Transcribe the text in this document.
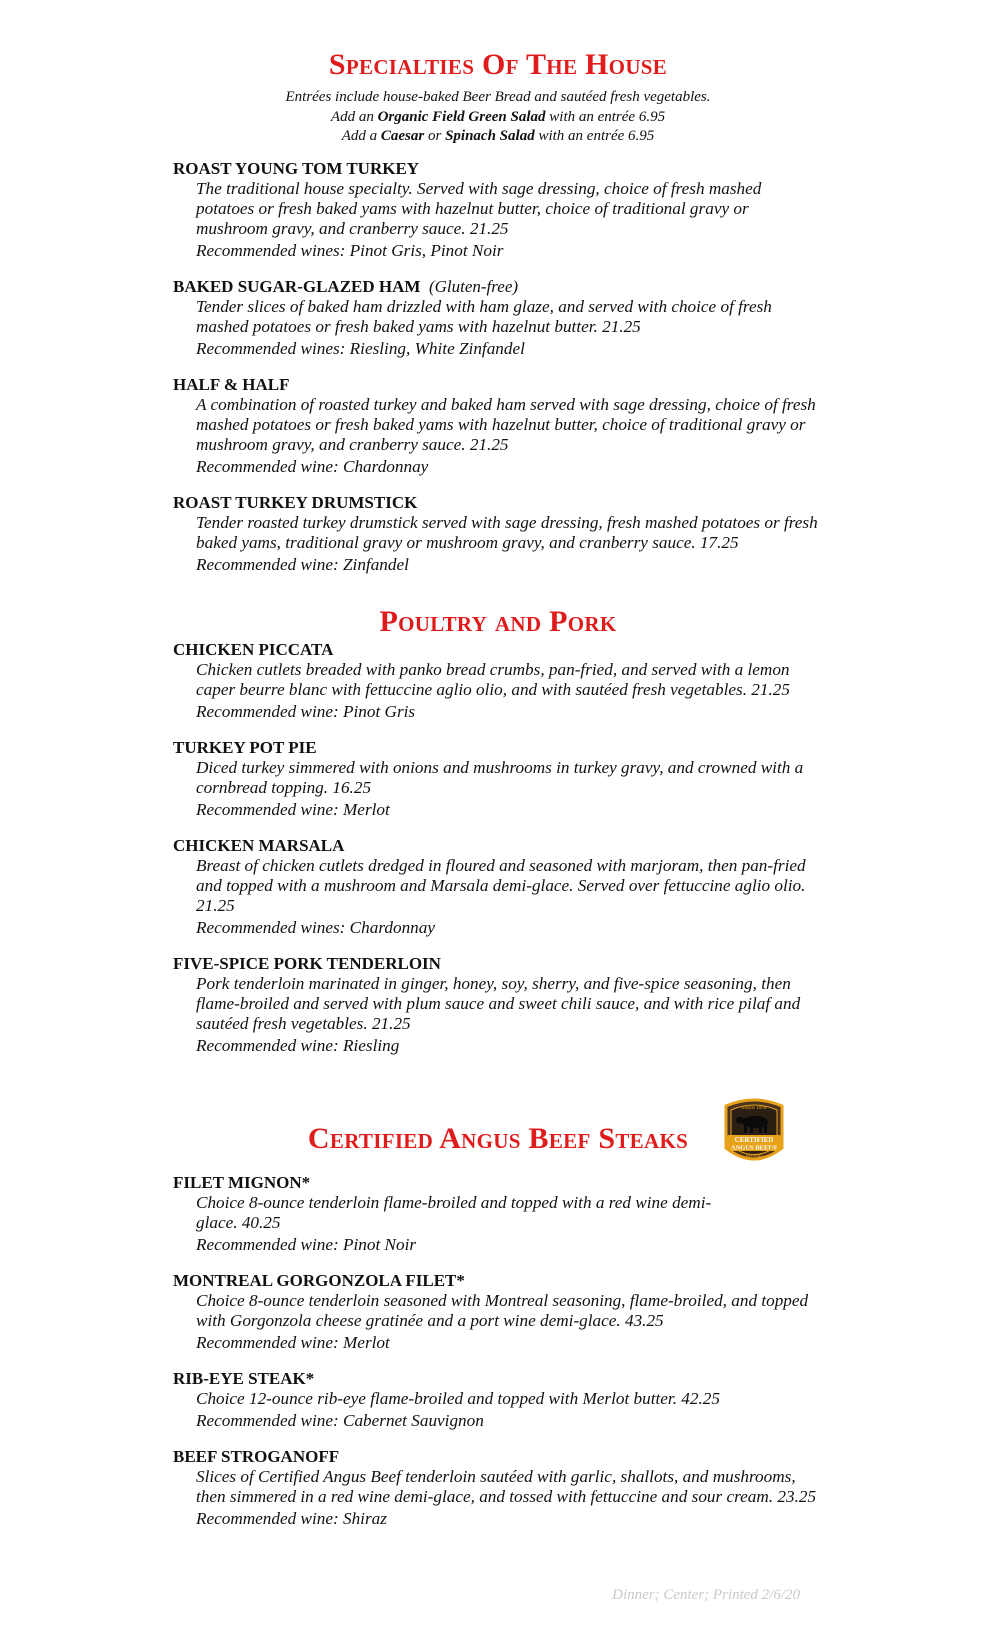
Specialties Of The House
Entrées include house-baked Beer Bread and sautéed fresh vegetables.
Add an Organic Field Green Salad with an entrée 6.95
Add a Caesar or Spinach Salad with an entrée 6.95
ROAST YOUNG TOM TURKEY
The traditional house specialty. Served with sage dressing, choice of fresh mashed potatoes or fresh baked yams with hazelnut butter, choice of traditional gravy or mushroom gravy, and cranberry sauce. 21.25
Recommended wines: Pinot Gris, Pinot Noir
BAKED SUGAR-GLAZED HAM (Gluten-free)
Tender slices of baked ham drizzled with ham glaze, and served with choice of fresh mashed potatoes or fresh baked yams with hazelnut butter. 21.25
Recommended wines: Riesling, White Zinfandel
HALF & HALF
A combination of roasted turkey and baked ham served with sage dressing, choice of fresh mashed potatoes or fresh baked yams with hazelnut butter, choice of traditional gravy or mushroom gravy, and cranberry sauce. 21.25
Recommended wine: Chardonnay
ROAST TURKEY DRUMSTICK
Tender roasted turkey drumstick served with sage dressing, fresh mashed potatoes or fresh baked yams, traditional gravy or mushroom gravy, and cranberry sauce. 17.25
Recommended wine: Zinfandel
Poultry and Pork
CHICKEN PICCATA
Chicken cutlets breaded with panko bread crumbs, pan-fried, and served with a lemon caper beurre blanc with fettuccine aglio olio, and with sautéed fresh vegetables. 21.25
Recommended wine: Pinot Gris
TURKEY POT PIE
Diced turkey simmered with onions and mushrooms in turkey gravy, and crowned with a cornbread topping. 16.25
Recommended wine: Merlot
CHICKEN MARSALA
Breast of chicken cutlets dredged in floured and seasoned with marjoram, then pan-fried and topped with a mushroom and Marsala demi-glace. Served over fettuccine aglio olio. 21.25
Recommended wines: Chardonnay
FIVE-SPICE PORK TENDERLOIN
Pork tenderloin marinated in ginger, honey, soy, sherry, and five-spice seasoning, then flame-broiled and served with plum sauce and sweet chili sauce, and with rice pilaf and sautéed fresh vegetables. 21.25
Recommended wine: Riesling
SINCE 1978
CERTIFIED
ANGUS BEEF®
BRAND
Certified Angus Beef Steaks
FILET MIGNON*
Choice 8-ounce tenderloin flame-broiled and topped with a red wine demi-glace. 40.25
Recommended wine: Pinot Noir
MONTREAL GORGONZOLA FILET*
Choice 8-ounce tenderloin seasoned with Montreal seasoning, flame-broiled, and topped with Gorgonzola cheese gratinée and a port wine demi-glace. 43.25
Recommended wine: Merlot
RIB-EYE STEAK*
Choice 12-ounce rib-eye flame-broiled and topped with Merlot butter. 42.25
Recommended wine: Cabernet Sauvignon
BEEF STROGANOFF
Slices of Certified Angus Beef tenderloin sautéed with garlic, shallots, and mushrooms, then simmered in a red wine demi-glace, and tossed with fettuccine and sour cream. 23.25
Recommended wine: Shiraz
Dinner; Center; Printed 2/6/20
